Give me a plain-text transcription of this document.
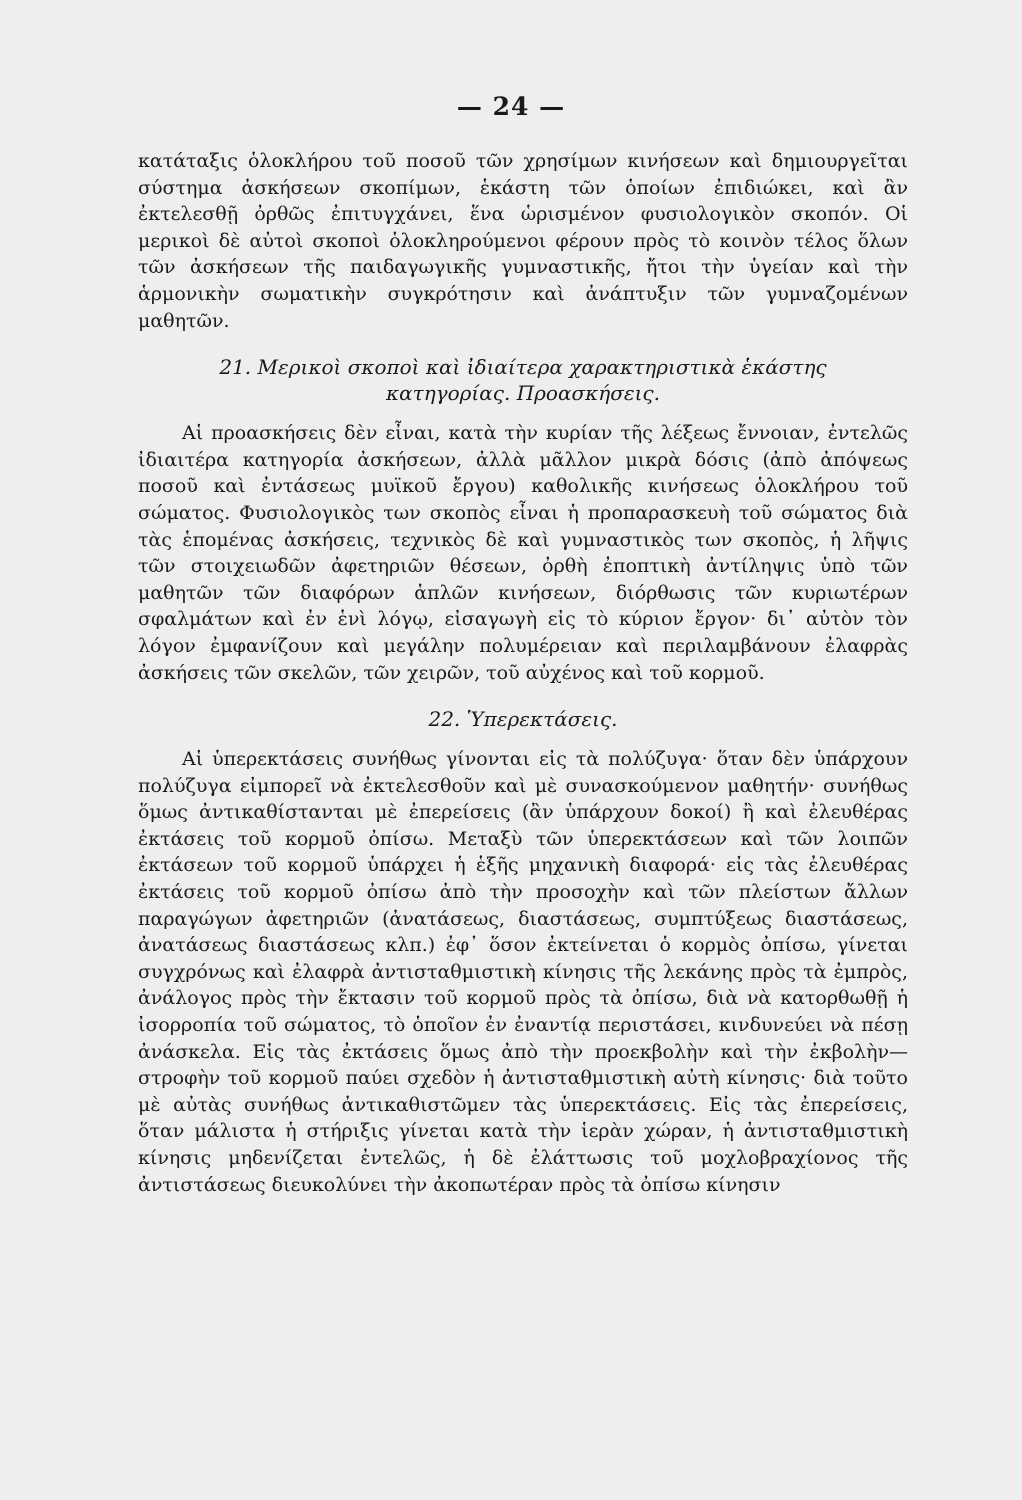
— 24 —

κατάταξις ὁλοκλήρου τοῦ ποσοῦ τῶν χρησίμων κινήσεων καὶ δημιουργεῖται σύστημα ἀσκήσεων σκοπίμων, ἑκάστη τῶν ὁποίων ἐπιδιώκει, καὶ ἂν ἐκτελεσθῇ ὀρθῶς ἐπιτυγχάνει, ἕνα ὡρισμένον φυσιολογικὸν σκοπόν. Οἱ μερικοὶ δὲ αὐτοὶ σκοποὶ ὁλοκληρούμενοι φέρουν πρὸς τὸ κοινὸν τέλος ὅλων τῶν ἀσκήσεων τῆς παιδαγωγικῆς γυμναστικῆς, ἤτοι τὴν ὑγείαν καὶ τὴν ἁρμονικὴν σωματικὴν συγκρότησιν καὶ ἀνάπτυξιν τῶν γυμναζομένων μαθητῶν.

21. Μερικοὶ σκοποὶ καὶ ἰδιαίτερα χαρακτηριστικὰ ἑκάστης

κατηγορίας. Προασκήσεις.

Αἱ προασκήσεις δὲν εἶναι, κατὰ τὴν κυρίαν τῆς λέξεως ἔννοιαν, ἐντελῶς ἰδιαιτέρα κατηγορία ἀσκήσεων, ἀλλὰ μᾶλλον μικρὰ δόσις (ἀπὸ ἀπόψεως ποσοῦ καὶ ἐντάσεως μυϊκοῦ ἔργου) καθολικῆς κινήσεως ὁλοκλήρου τοῦ σώματος. Φυσιολογικὸς των σκοπὸς εἶναι ἡ προπαρασκευὴ τοῦ σώματος διὰ τὰς ἑπομένας ἀσκήσεις, τεχνικὸς δὲ καὶ γυμναστικὸς των σκοπὸς, ἡ λῆψις τῶν στοιχειωδῶν ἀφετηριῶν θέσεων, ὀρθὴ ἐποπτικὴ ἀντίληψις ὑπὸ τῶν μαθητῶν τῶν διαφόρων ἁπλῶν κινήσεων, διόρθωσις τῶν κυριωτέρων σφαλμάτων καὶ ἐν ἑνὶ λόγῳ, εἰσαγωγὴ εἰς τὸ κύριον ἔργον· δι᾽ αὐτὸν τὸν λόγον ἐμφανίζουν καὶ μεγάλην πολυμέρειαν καὶ περιλαμβάνουν ἐλαφρὰς ἀσκήσεις τῶν σκελῶν, τῶν χειρῶν, τοῦ αὐχένος καὶ τοῦ κορμοῦ.

22. Ὑπερεκτάσεις.

Αἱ ὑπερεκτάσεις συνήθως γίνονται εἰς τὰ πολύζυγα· ὅταν δὲν ὑπάρχουν πολύζυγα εἰμπορεῖ νὰ ἐκτελεσθοῦν καὶ μὲ συνασκούμενον μαθητήν· συνήθως ὅμως ἀντικαθίστανται μὲ ἐπερείσεις (ἂν ὑπάρχουν δοκοί) ἢ καὶ ἐλευθέρας ἐκτάσεις τοῦ κορμοῦ ὀπίσω. Μεταξὺ τῶν ὑπερεκτάσεων καὶ τῶν λοιπῶν ἐκτάσεων τοῦ κορμοῦ ὑπάρχει ἡ ἑξῆς μηχανικὴ διαφορά· εἰς τὰς ἐλευθέρας ἐκτάσεις τοῦ κορμοῦ ὀπίσω ἀπὸ τὴν προσοχὴν καὶ τῶν πλείστων ἄλλων παραγώγων ἀφετηριῶν (ἀνατάσεως, διαστάσεως, συμπτύξεως διαστάσεως, ἀνατάσεως διαστάσεως κλπ.) ἐφ᾽ ὅσον ἐκτείνεται ὁ κορμὸς ὀπίσω, γίνεται συγχρόνως καὶ ἐλαφρὰ ἀντισταθμιστικὴ κίνησις τῆς λεκάνης πρὸς τὰ ἐμπρὸς, ἀνάλογος πρὸς τὴν ἔκτασιν τοῦ κορμοῦ πρὸς τὰ ὀπίσω, διὰ νὰ κατορθωθῇ ἡ ἰσορροπία τοῦ σώματος, τὸ ὁποῖον ἐν ἐναντίᾳ περιστάσει, κινδυνεύει νὰ πέσῃ ἀνάσκελα. Εἰς τὰς ἐκτάσεις ὅμως ἀπὸ τὴν προεκβολὴν καὶ τὴν ἐκβολὴν—στροφὴν τοῦ κορμοῦ παύει σχεδὸν ἡ ἀντισταθμιστικὴ αὐτὴ κίνησις· διὰ τοῦτο μὲ αὐτὰς συνήθως ἀντικαθιστῶμεν τὰς ὑπερεκτάσεις. Εἰς τὰς ἐπερείσεις, ὅταν μάλιστα ἡ στήριξις γίνεται κατὰ τὴν ἱερὰν χώραν, ἡ ἀντισταθμιστικὴ κίνησις μηδενίζεται ἐντελῶς, ἡ δὲ ἐλάττωσις τοῦ μοχλοβραχίονος τῆς ἀντιστάσεως διευκολύνει τὴν ἀκοπωτέραν πρὸς τὰ ὀπίσω κίνησιν
